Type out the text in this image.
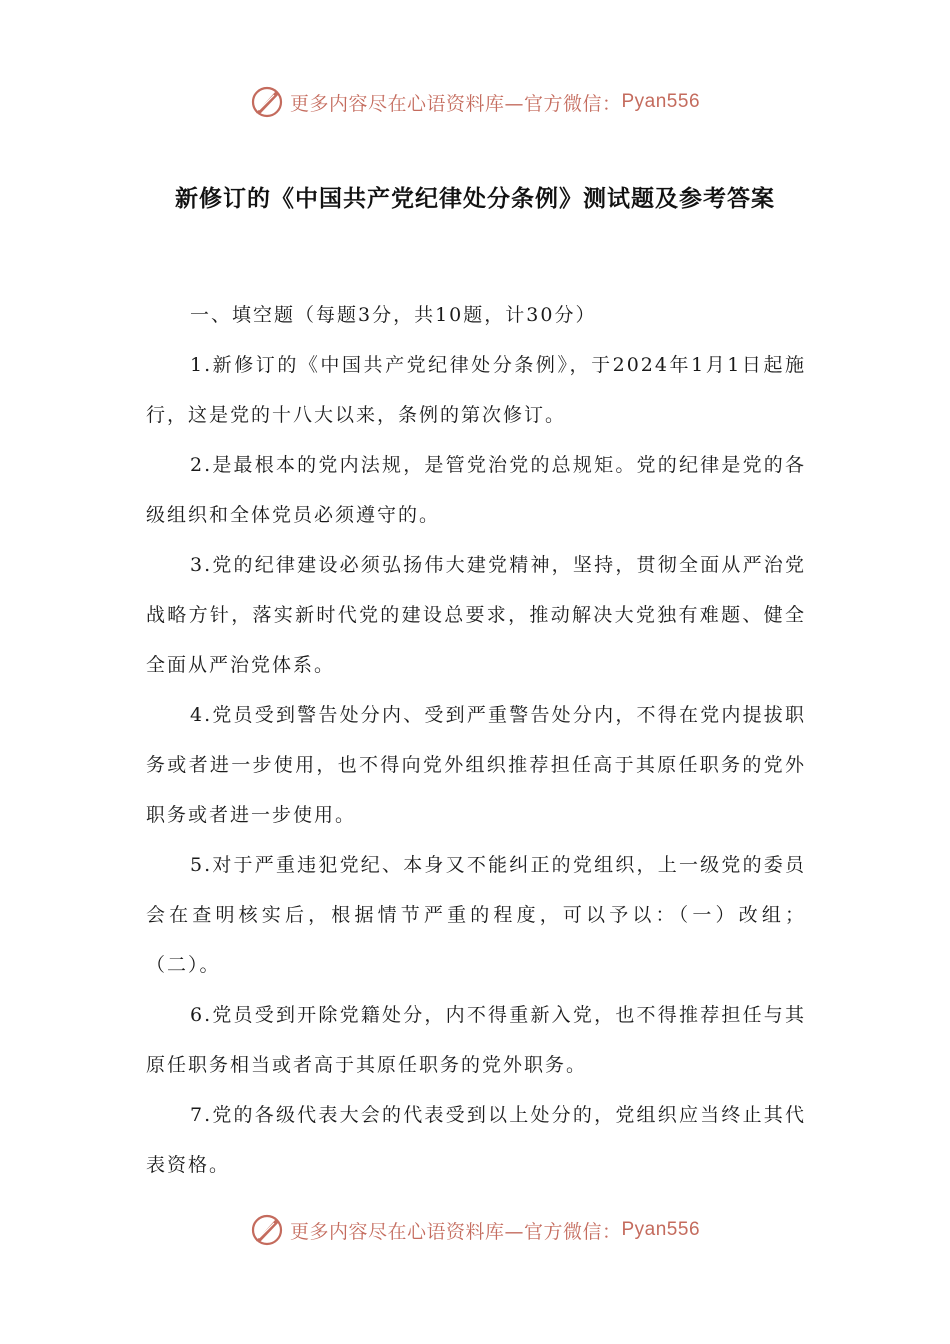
更多内容尽在心语资料库—官方微信： Pyan556
新修订的《中国共产党纪律处分条例》测试题及参考答案

一、填空题（每题3分，共10题，计30分）

1.新修订的《中国共产党纪律处分条例》，于2024年1月1日起施行，这是党的十八大以来，条例的第次修订。

2.是最根本的党内法规，是管党治党的总规矩。党的纪律是党的各级组织和全体党员必须遵守的。

3.党的纪律建设必须弘扬伟大建党精神，坚持，贯彻全面从严治党战略方针，落实新时代党的建设总要求，推动解决大党独有难题、健全全面从严治党体系。

4.党员受到警告处分内、受到严重警告处分内，不得在党内提拔职务或者进一步使用，也不得向党外组织推荐担任高于其原任职务的党外职务或者进一步使用。

5.对于严重违犯党纪、本身又不能纠正的党组织，上一级党的委员会在查明核实后，根据情节严重的程度，可以予以：（一）改组；（二）。

6.党员受到开除党籍处分，内不得重新入党，也不得推荐担任与其原任职务相当或者高于其原任职务的党外职务。

7.党的各级代表大会的代表受到以上处分的，党组织应当终止其代表资格。

更多内容尽在心语资料库—官方微信： Pyan556
